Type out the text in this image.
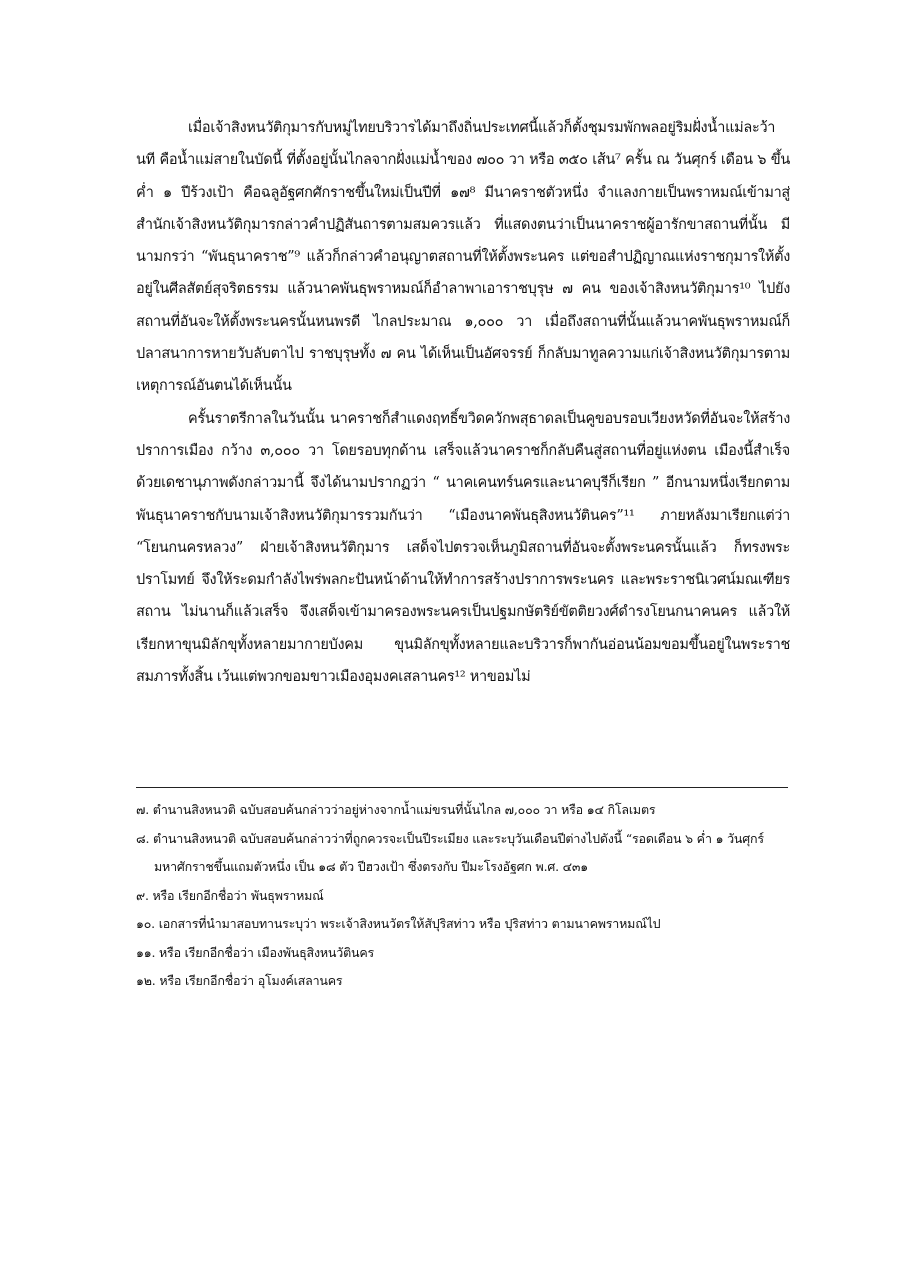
เมื่อเจ้าสิงหนวัติกุมารกับหมู่ไทยบริวารได้มาถึงถิ่นประเทศนี้แล้วก็ตั้งชุมรมพักพลอยู่ริมฝั่งน้ำแม่ละว้านที คือน้ำแม่สายในบัดนี้ ที่ตั้งอยู่นั้นไกลจากฝั่งแม่น้ำของ ๗๐๐ วา หรือ ๓๕๐ เส้น⁷ ครั้น ณ วันศุกร์ เดือน ๖ ขึ้นค่ำ ๑ ปีร้วงเป้า คือฉลูอัฐศกศักราชขึ้นใหม่เป็นปีที่ ๑๗⁸ มีนาคราชตัวหนึ่ง จำแลงกายเป็นพราหมณ์เข้ามาสู่สำนักเจ้าสิงหนวัติกุมารกล่าวคำปฏิสันถารตามสมควรแล้ว ที่แสดงตนว่าเป็นนาคราชผู้อารักขาสถานที่นั้น มีนามกรว่า “พันธุนาคราช”⁹ แล้วก็กล่าวคำอนุญาตสถานที่ให้ตั้งพระนคร แต่ขอสำปฏิญาณแห่งราชกุมารให้ตั้งอยู่ในศีลสัตย์สุจริตธรรม แล้วนาคพันธุพราหมณ์ก็อำลาพาเอาราชบุรุษ ๗ คน ของเจ้าสิงหนวัติกุมาร¹⁰ ไปยังสถานที่อันจะให้ตั้งพระนครนั้นหนพรดี ไกลประมาณ ๑,๐๐๐ วา เมื่อถึงสถานที่นั้นแล้วนาคพันธุพราหมณ์ก็ปลาสนาการหายวับลับตาไป ราชบุรุษทั้ง ๗ คน ได้เห็นเป็นอัศจรรย์ ก็กลับมาทูลความแก่เจ้าสิงหนวัติกุมารตามเหตุการณ์อันตนได้เห็นนั้น

ครั้นราตรีกาลในวันนั้น นาคราชก็สำแดงฤทธิ์ขวิดควักพสุธาดลเป็นคูขอบรอบเวียงหวัดที่อันจะให้สร้างปราการเมือง กว้าง ๓,๐๐๐ วา โดยรอบทุกด้าน เสร็จแล้วนาคราชก็กลับคืนสู่สถานที่อยู่แห่งตน เมืองนี้สำเร็จด้วยเดชานุภาพดังกล่าวมานี้ จึงได้นามปรากฏว่า “ นาคเคนทร์นครและนาคบุรีก็เรียก ” อีกนามหนึ่งเรียกตามพันธุนาคราชกับนามเจ้าสิงหนวัติกุมารรวมกันว่า “เมืองนาคพันธุสิงหนวัตินคร”¹¹ ภายหลังมาเรียกแต่ว่า “โยนกนครหลวง” ฝ่ายเจ้าสิงหนวัติกุมาร เสด็จไปตรวจเห็นภูมิสถานที่อันจะตั้งพระนครนั้นแล้ว ก็ทรงพระปราโมทย์ จึงให้ระดมกำลังไพร่พลกะปันหน้าด้านให้ทำการสร้างปราการพระนคร และพระราชนิเวศน์มณเฑียรสถาน ไม่นานก็แล้วเสร็จ จึงเสด็จเข้ามาครองพระนครเป็นปฐมกษัตริย์ขัตติยวงศ์ดำรงโยนกนาคนคร แล้วให้เรียกหาขุนมิลักขุทั้งหลายมากายบังคม ขุนมิลักขุทั้งหลายและบริวารก็พากันอ่อนน้อมขอมขึ้นอยู่ในพระราชสมภารทั้งสิ้น เว้นแต่พวกขอมขาวเมืองอุมงคเสลานคร¹² หาขอมไม่

๗. ตำนานสิงหนวติ ฉบับสอบค้นกล่าวว่าอยู่ห่างจากน้ำแม่ขรนที่นั้นไกล ๗,๐๐๐ วา หรือ ๑๔ กิโลเมตร

๘. ตำนานสิงหนวติ ฉบับสอบค้นกล่าวว่าที่ถูกควรจะเป็นปีระเมียง และระบุวันเดือนปีต่างไปดังนี้ “รอดเดือน ๖ ค่ำ ๑ วันศุกร์ มหาศักราชขึ้นแถมตัวหนึ่ง เป็น ๑๘ ตัว ปีฮวงเป้า ซึ่งตรงกับ ปีมะโรงอัฐศก พ.ศ. ๔๓๑

๙. หรือ เรียกอีกชื่อว่า พันธุพราหมณ์

๑๐. เอกสารที่นำมาสอบทานระบุว่า พระเจ้าสิงหนวัตรให้สัปุริสท่าว หรือ ปุริสท่าว ตามนาคพราหมณ์ไป

๑๑. หรือ เรียกอีกชื่อว่า เมืองพันธุสิงหนวัตินคร

๑๒. หรือ เรียกอีกชื่อว่า อุโมงค์เสลานคร
